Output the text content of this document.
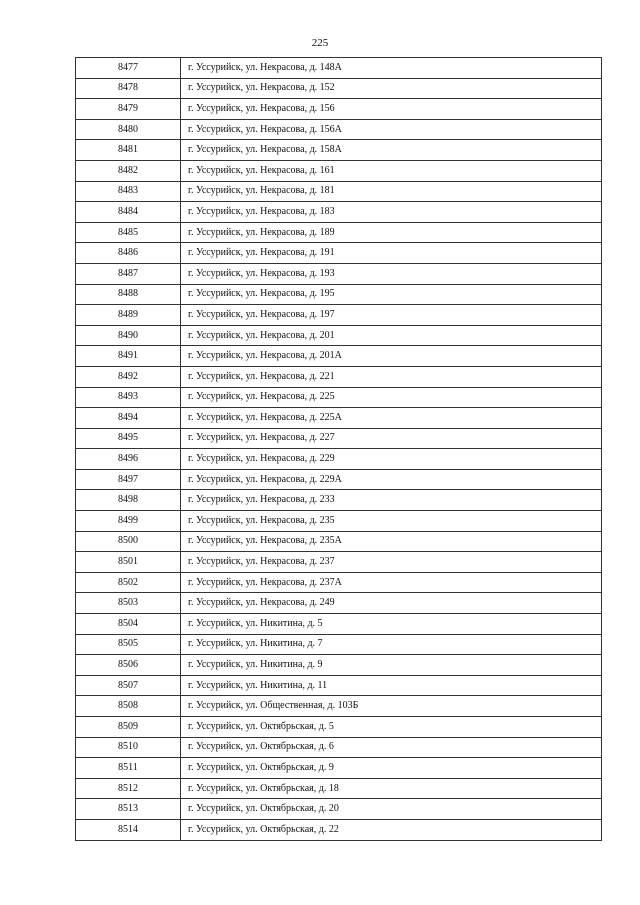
225
8477	г. Уссурийск, ул. Некрасова, д. 148А
8478	г. Уссурийск, ул. Некрасова, д. 152
8479	г. Уссурийск, ул. Некрасова, д. 156
8480	г. Уссурийск, ул. Некрасова, д. 156А
8481	г. Уссурийск, ул. Некрасова, д. 158А
8482	г. Уссурийск, ул. Некрасова, д. 161
8483	г. Уссурийск, ул. Некрасова, д. 181
8484	г. Уссурийск, ул. Некрасова, д. 183
8485	г. Уссурийск, ул. Некрасова, д. 189
8486	г. Уссурийск, ул. Некрасова, д. 191
8487	г. Уссурийск, ул. Некрасова, д. 193
8488	г. Уссурийск, ул. Некрасова, д. 195
8489	г. Уссурийск, ул. Некрасова, д. 197
8490	г. Уссурийск, ул. Некрасова, д. 201
8491	г. Уссурийск, ул. Некрасова, д. 201А
8492	г. Уссурийск, ул. Некрасова, д. 221
8493	г. Уссурийск, ул. Некрасова, д. 225
8494	г. Уссурийск, ул. Некрасова, д. 225А
8495	г. Уссурийск, ул. Некрасова, д. 227
8496	г. Уссурийск, ул. Некрасова, д. 229
8497	г. Уссурийск, ул. Некрасова, д. 229А
8498	г. Уссурийск, ул. Некрасова, д. 233
8499	г. Уссурийск, ул. Некрасова, д. 235
8500	г. Уссурийск, ул. Некрасова, д. 235А
8501	г. Уссурийск, ул. Некрасова, д. 237
8502	г. Уссурийск, ул. Некрасова, д. 237А
8503	г. Уссурийск, ул. Некрасова, д. 249
8504	г. Уссурийск, ул. Никитина, д. 5
8505	г. Уссурийск, ул. Никитина, д. 7
8506	г. Уссурийск, ул. Никитина, д. 9
8507	г. Уссурийск, ул. Никитина, д. 11
8508	г. Уссурийск, ул. Общественная, д. 103Б
8509	г. Уссурийск, ул. Октябрьская, д. 5
8510	г. Уссурийск, ул. Октябрьская, д. 6
8511	г. Уссурийск, ул. Октябрьская, д. 9
8512	г. Уссурийск, ул. Октябрьская, д. 18
8513	г. Уссурийск, ул. Октябрьская, д. 20
8514	г. Уссурийск, ул. Октябрьская, д. 22
